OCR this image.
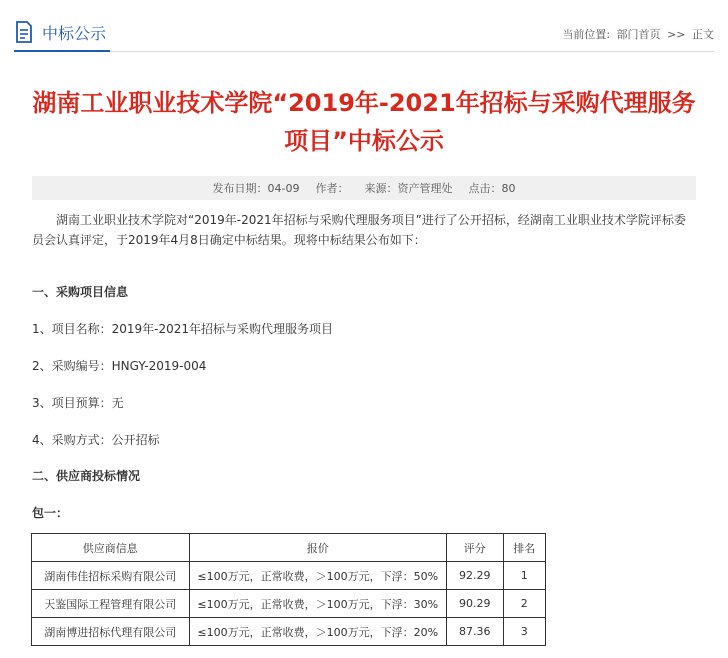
中标公示	当前位置: 部门首页 >> 正文
湖南工业职业技术学院“2019年-2021年招标与采购代理服务
项目”中标公示
发布日期：04-09 作者： 来源：资产管理处 点击：80

湖南工业职业技术学院对“2019年-2021年招标与采购代理服务项目”进行了公开招标，经湖南工业职业技术学院评标委员会认真评定，于2019年4月8日确定中标结果。现将中标结果公布如下：

一、采购项目信息
1、项目名称：2019年-2021年招标与采购代理服务项目
2、采购编号：HNGY-2019-004
3、项目预算：无
4、采购方式：公开招标
二、供应商投标情况
包一：
供应商信息	报价	评分	排名
湖南伟佳招标采购有限公司	≤100万元，正常收费，＞100万元，下浮：50%	92.29	1
天鉴国际工程管理有限公司	≤100万元，正常收费，＞100万元，下浮：30%	90.29	2
湖南博进招标代理有限公司	≤100万元，正常收费，＞100万元，下浮：20%	87.36	3
